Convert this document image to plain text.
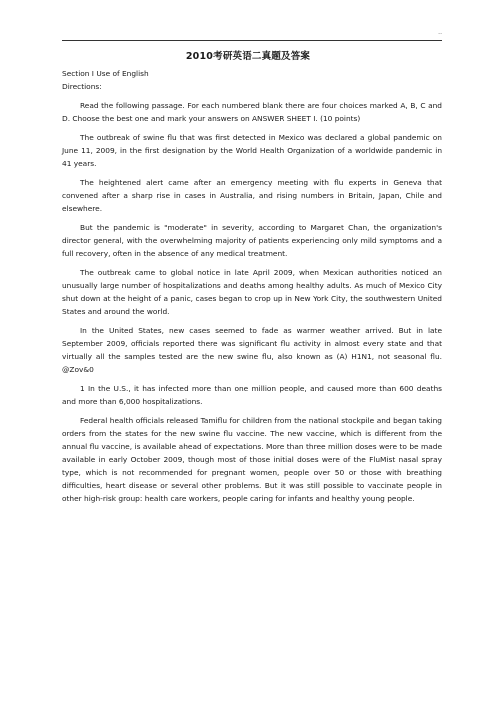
..
2010考研英语二真题及答案

Section I Use of English

Directions:

Read the following passage. For each numbered blank there are four choices marked A, B, C and D. Choose the best one and mark your answers on ANSWER SHEET I. (10 points)

The outbreak of swine flu that was first detected in Mexico was declared a global pandemic on June 11, 2009, in the first designation by the World Health Organization of a worldwide pandemic in 41 years.

The heightened alert came after an emergency meeting with flu experts in Geneva that convened after a sharp rise in cases in Australia, and rising numbers in Britain, Japan, Chile and elsewhere.

But the pandemic is "moderate" in severity, according to Margaret Chan, the organization's director general, with the overwhelming majority of patients experiencing only mild symptoms and a full recovery, often in the absence of any medical treatment.

The outbreak came to global notice in late April 2009, when Mexican authorities noticed an unusually large number of hospitalizations and deaths among healthy adults. As much of Mexico City shut down at the height of a panic, cases began to crop up in New York City, the southwestern United States and around the world.

In the United States, new cases seemed to fade as warmer weather arrived. But in late September 2009, officials reported there was significant flu activity in almost every state and that virtually all the samples tested are the new swine flu, also known as (A) H1N1, not seasonal flu. @Zov&0

1 In the U.S., it has infected more than one million people, and caused more than 600 deaths and more than 6,000 hospitalizations.

Federal health officials released Tamiflu for children from the national stockpile and began taking orders from the states for the new swine flu vaccine. The new vaccine, which is different from the annual flu vaccine, is available ahead of expectations. More than three million doses were to be made available in early October 2009, though most of those initial doses were of the FluMist nasal spray type, which is not recommended for pregnant women, people over 50 or those with breathing difficulties, heart disease or several other problems. But it was still possible to vaccinate people in other high-risk group: health care workers, people caring for infants and healthy young people.
